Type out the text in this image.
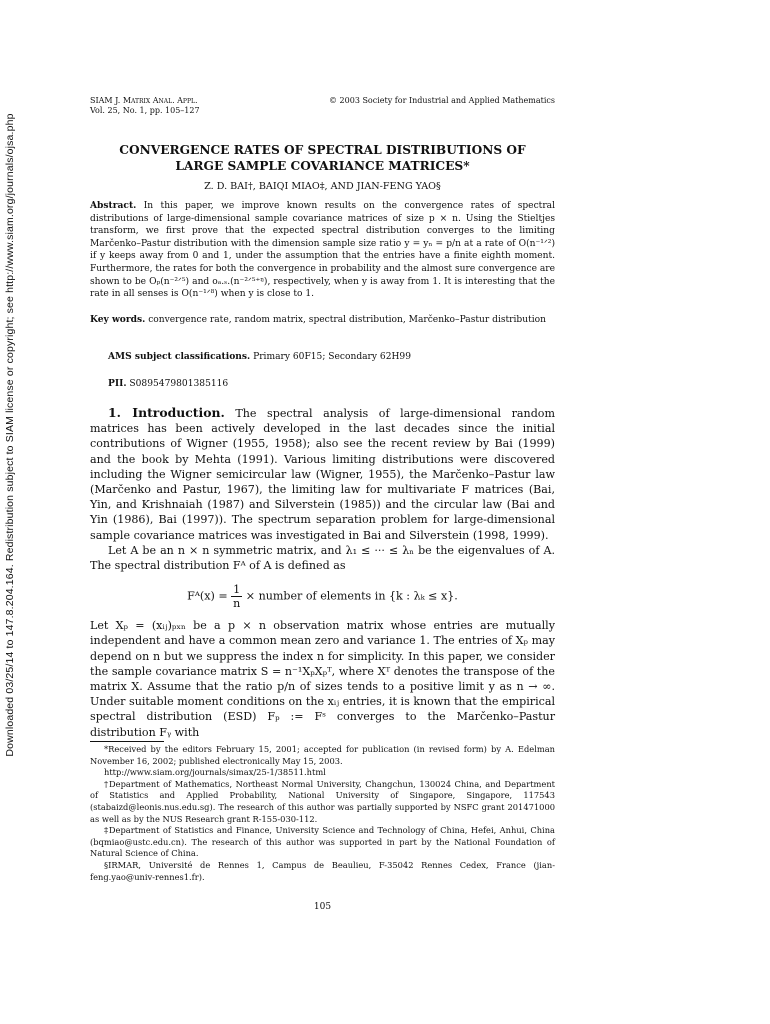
Downloaded 03/25/14 to 147.8.204.164. Redistribution subject to SIAM license or copyright; see http://www.siam.org/journals/ojsa.php
SIAM J. Matrix Anal. Appl.
Vol. 25, No. 1, pp. 105–127
© 2003 Society for Industrial and Applied Mathematics
CONVERGENCE RATES OF SPECTRAL DISTRIBUTIONS OF
LARGE SAMPLE COVARIANCE MATRICES*
Z. D. BAI†, BAIQI MIAO‡, AND JIAN-FENG YAO§
Abstract. In this paper, we improve known results on the convergence rates of spectral distributions of large-dimensional sample covariance matrices of size p × n. Using the Stieltjes transform, we first prove that the expected spectral distribution converges to the limiting Marčenko–Pastur distribution with the dimension sample size ratio y = yₙ = p/n at a rate of O(n⁻¹ᐟ²) if y keeps away from 0 and 1, under the assumption that the entries have a finite eighth moment. Furthermore, the rates for both the convergence in probability and the almost sure convergence are shown to be Oₚ(n⁻²ᐟ⁵) and oₐ.ₛ.(n⁻²ᐟ⁵⁺ᵑ), respectively, when y is away from 1. It is interesting that the rate in all senses is O(n⁻¹ᐟ⁸) when y is close to 1.
Key words. convergence rate, random matrix, spectral distribution, Marčenko–Pastur distribution
AMS subject classifications. Primary 60F15; Secondary 62H99
PII. S0895479801385116

1. Introduction. The spectral analysis of large-dimensional random matrices has been actively developed in the last decades since the initial contributions of Wigner (1955, 1958); also see the recent review by Bai (1999) and the book by Mehta (1991). Various limiting distributions were discovered including the Wigner semicircular law (Wigner, 1955), the Marčenko–Pastur law (Marčenko and Pastur, 1967), the limiting law for multivariate F matrices (Bai, Yin, and Krishnaiah (1987) and Silverstein (1985)) and the circular law (Bai and Yin (1986), Bai (1997)). The spectrum separation problem for large-dimensional sample covariance matrices was investigated in Bai and Silverstein (1998, 1999).

Let A be an n × n symmetric matrix, and λ₁ ≤ ··· ≤ λₙ be the eigenvalues of A. The spectral distribution Fᴬ of A is defined as

Fᴬ(x) = $\frac{1}{n}$ × number of elements in {k : λₖ ≤ x}.

Let Xₚ = (xᵢⱼ)ₚₓₙ be a p × n observation matrix whose entries are mutually independent and have a common mean zero and variance 1. The entries of Xₚ may depend on n but we suppress the index n for simplicity. In this paper, we consider the sample covariance matrix S = n⁻¹XₚXₚᵀ, where Xᵀ denotes the transpose of the matrix X. Assume that the ratio p/n of sizes tends to a positive limit y as n → ∞. Under suitable moment conditions on the xᵢⱼ entries, it is known that the empirical spectral distribution (ESD) Fₚ := Fˢ converges to the Marčenko–Pastur distribution Fᵧ with

*Received by the editors February 15, 2001; accepted for publication (in revised form) by A. Edelman November 16, 2002; published electronically May 15, 2003.

http://www.siam.org/journals/simax/25-1/38511.html

†Department of Mathematics, Northeast Normal University, Changchun, 130024 China, and Department of Statistics and Applied Probability, National University of Singapore, Singapore, 117543 (stabaizd@leonis.nus.edu.sg). The research of this author was partially supported by NSFC grant 201471000 as well as by the NUS Research grant R-155-030-112.

‡Department of Statistics and Finance, University Science and Technology of China, Hefei, Anhui, China (bqmiao@ustc.edu.cn). The research of this author was supported in part by the National Foundation of Natural Science of China.

§IRMAR, Université de Rennes 1, Campus de Beaulieu, F-35042 Rennes Cedex, France (jian-feng.yao@univ-rennes1.fr).

105
